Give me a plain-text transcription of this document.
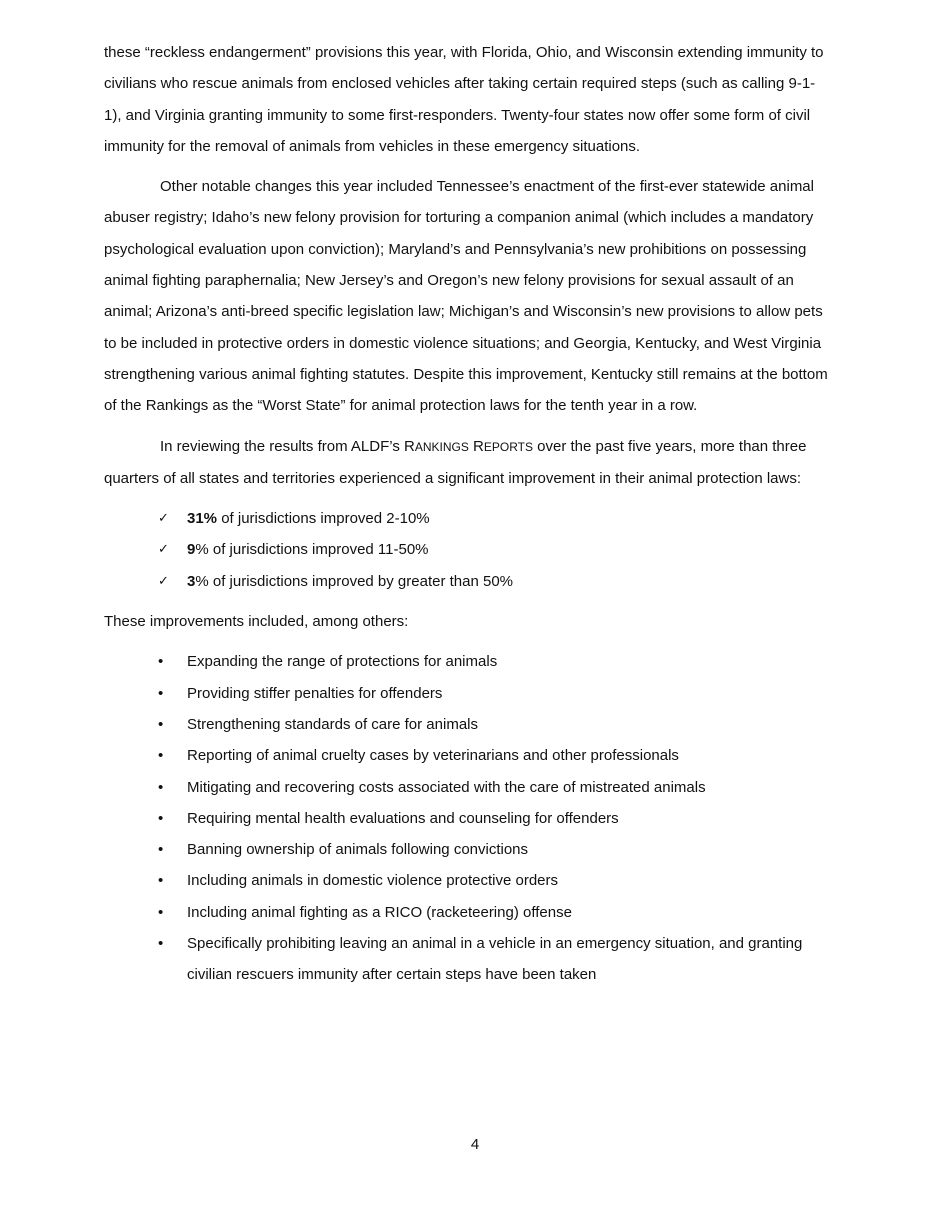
these “reckless endangerment” provisions this year, with Florida, Ohio, and Wisconsin extending immunity to civilians who rescue animals from enclosed vehicles after taking certain required steps (such as calling 9-1-1), and Virginia granting immunity to some first-responders. Twenty-four states now offer some form of civil immunity for the removal of animals from vehicles in these emergency situations.

Other notable changes this year included Tennessee’s enactment of the first-ever statewide animal abuser registry; Idaho’s new felony provision for torturing a companion animal (which includes a mandatory psychological evaluation upon conviction); Maryland’s and Pennsylvania’s new prohibitions on possessing animal fighting paraphernalia; New Jersey’s and Oregon’s new felony provisions for sexual assault of an animal; Arizona’s anti-breed specific legislation law; Michigan’s and Wisconsin’s new provisions to allow pets to be included in protective orders in domestic violence situations; and Georgia, Kentucky, and West Virginia strengthening various animal fighting statutes. Despite this improvement, Kentucky still remains at the bottom of the Rankings as the “Worst State” for animal protection laws for the tenth year in a row.

In reviewing the results from ALDF’s RANKINGS REPORTS over the past five years, more than three quarters of all states and territories experienced a significant improvement in their animal protection laws:

✓	31% of jurisdictions improved 2-10%
✓	9% of jurisdictions improved 11-50%
✓	3% of jurisdictions improved by greater than 50%

These improvements included, among others:

•	Expanding the range of protections for animals
•	Providing stiffer penalties for offenders
•	Strengthening standards of care for animals
•	Reporting of animal cruelty cases by veterinarians and other professionals
•	Mitigating and recovering costs associated with the care of mistreated animals
•	Requiring mental health evaluations and counseling for offenders
•	Banning ownership of animals following convictions
•	Including animals in domestic violence protective orders
•	Including animal fighting as a RICO (racketeering) offense
•	Specifically prohibiting leaving an animal in a vehicle in an emergency situation, and granting civilian rescuers immunity after certain steps have been taken
4
